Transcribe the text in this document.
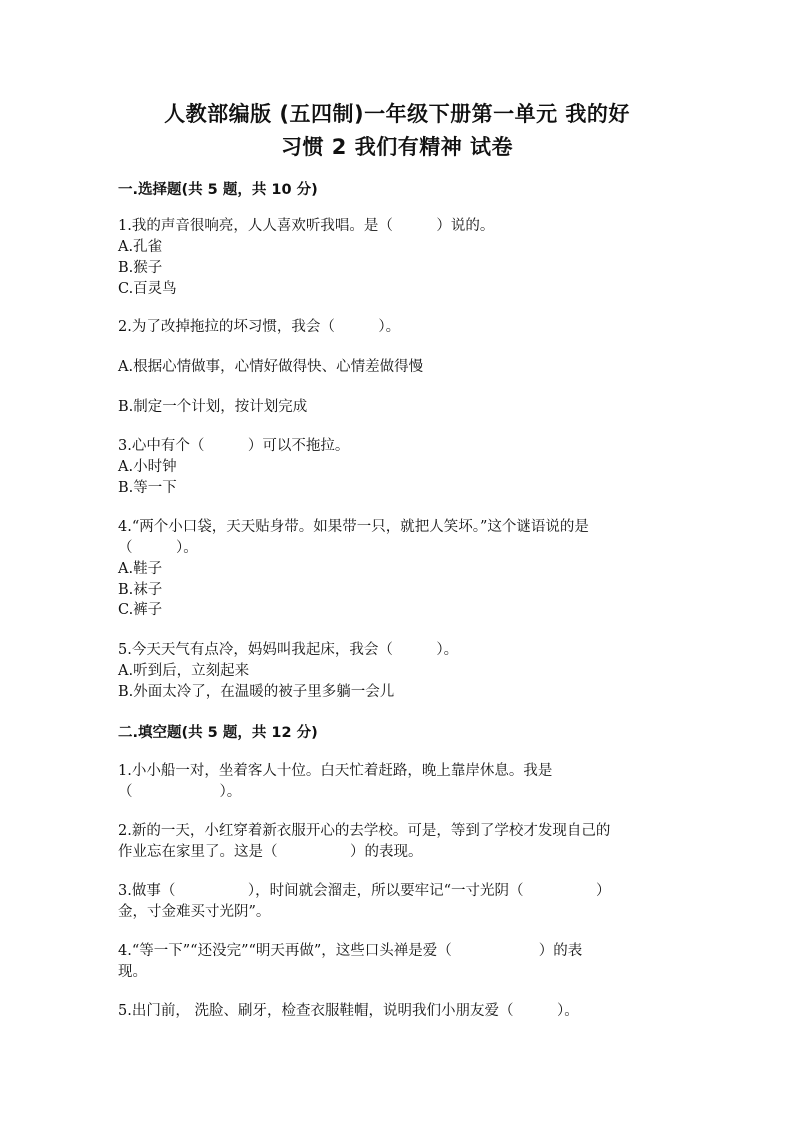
人教部编版 (五四制)一年级下册第一单元 我的好
习惯 2 我们有精神 试卷
一.选择题(共 5 题，共 10 分)
1.我的声音很响亮，人人喜欢听我唱。是（　　　）说的。
A.孔雀
B.猴子
C.百灵鸟
2.为了改掉拖拉的坏习惯，我会（　　　）。
A.根据心情做事，心情好做得快、心情差做得慢
B.制定一个计划，按计划完成
3.心中有个（　　　）可以不拖拉。
A.小时钟
B.等一下
4.“两个小口袋，天天贴身带。如果带一只，就把人笑坏。”这个谜语说的是
（　　　）。
A.鞋子
B.袜子
C.裤子
5.今天天气有点冷，妈妈叫我起床，我会（　　　）。
A.听到后，立刻起来
B.外面太冷了，在温暖的被子里多躺一会儿
二.填空题(共 5 题，共 12 分)
1.小小船一对，坐着客人十位。白天忙着赶路，晚上靠岸休息。我是
（　　　　　　）。
2.新的一天，小红穿着新衣服开心的去学校。可是，等到了学校才发现自己的
作业忘在家里了。这是（　　　　　）的表现。
3.做事（　　　　　），时间就会溜走，所以要牢记“一寸光阴（　　　　　）
金，寸金难买寸光阴”。
4.“等一下”“还没完”“明天再做”，这些口头禅是爱（　　　　　　）的表
现。
5.出门前， 洗脸、刷牙，检查衣服鞋帽，说明我们小朋友爱（　　　）。
